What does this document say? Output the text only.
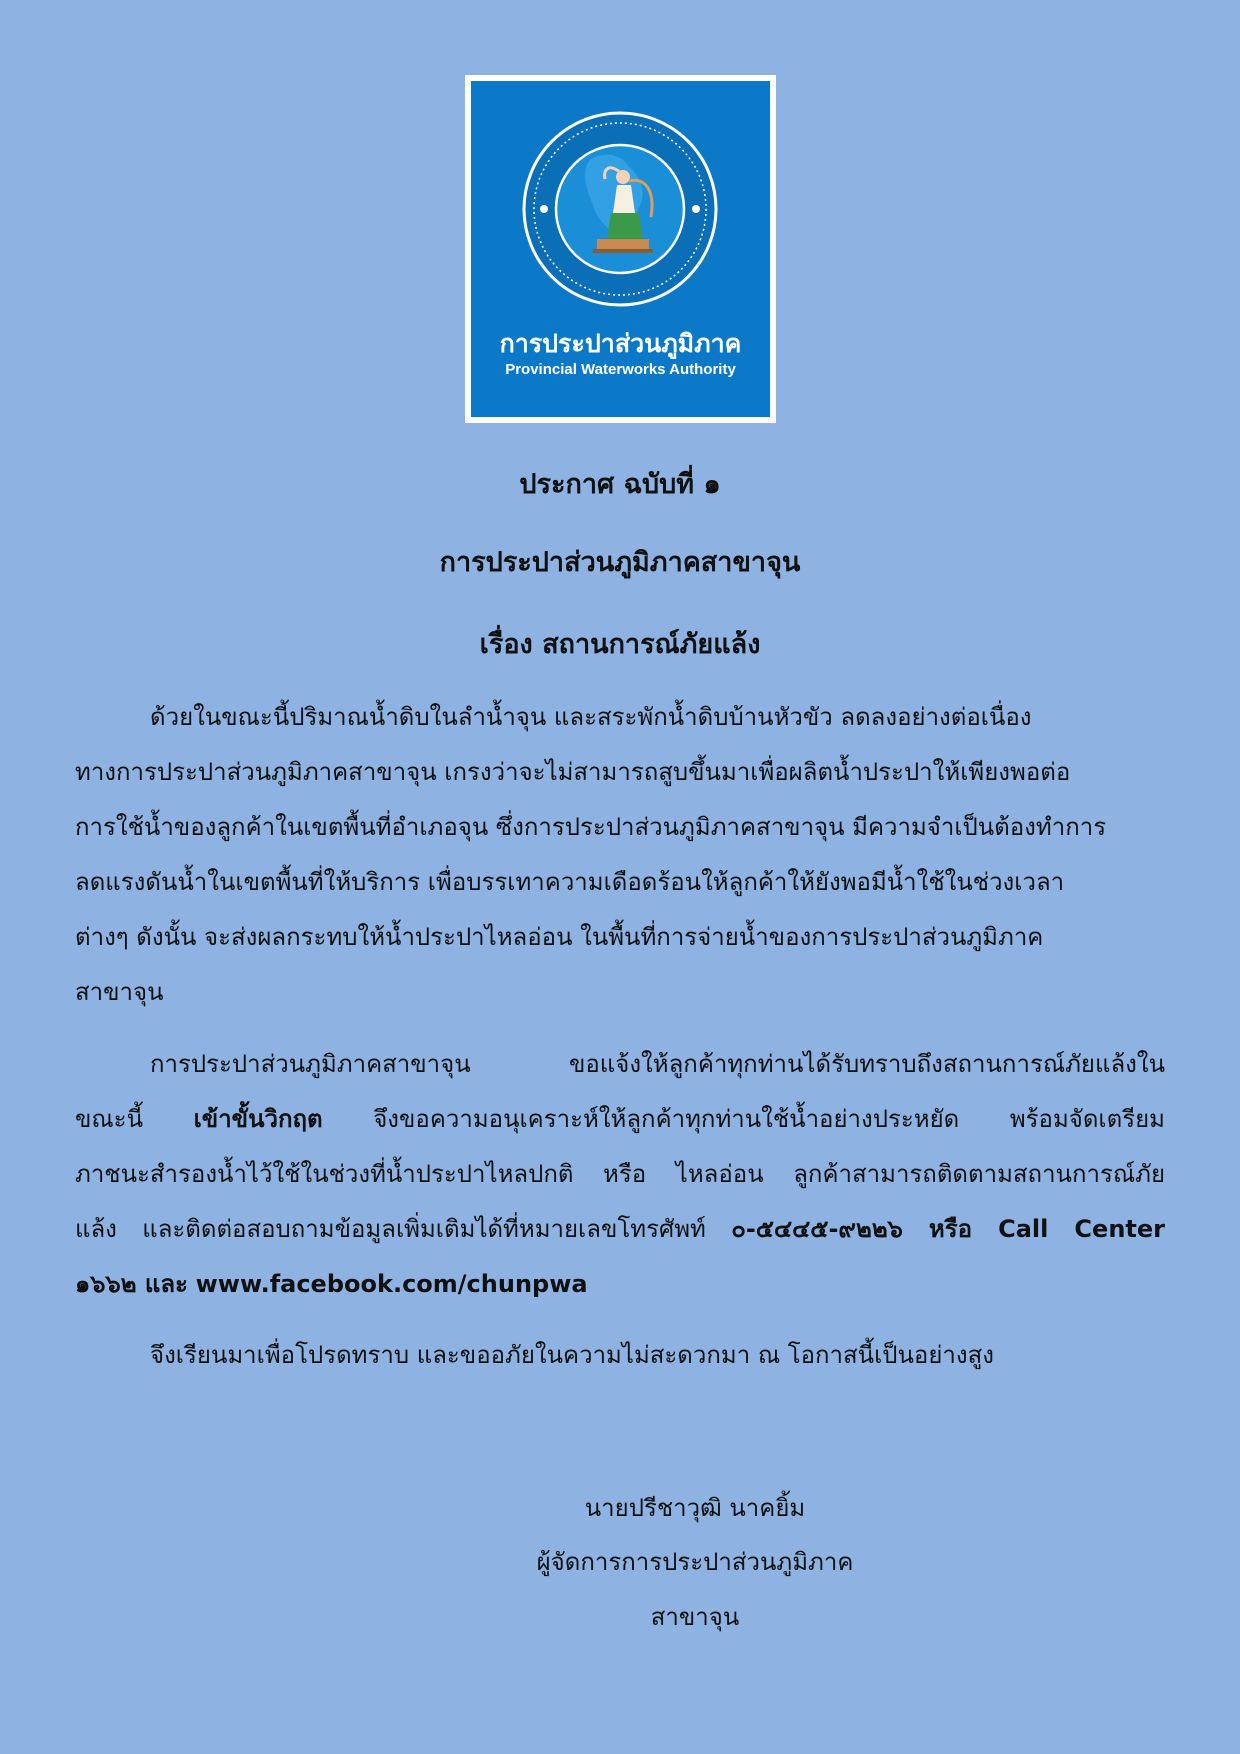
การประปาส่วนภูมิภาค
Provincial Waterworks Authority
ประกาศ ฉบับที่ ๑
การประปาส่วนภูมิภาคสาขาจุน
เรื่อง สถานการณ์ภัยแล้ง
ด้วยในขณะนี้ปริมาณน้ำดิบในลำน้ำจุน และสระพักน้ำดิบบ้านหัวขัว ลดลงอย่างต่อเนื่อง
ทางการประปาส่วนภูมิภาคสาขาจุน เกรงว่าจะไม่สามารถสูบขึ้นมาเพื่อผลิตน้ำประปาให้เพียงพอต่อ
การใช้น้ำของลูกค้าในเขตพื้นที่อำเภอจุน ซึ่งการประปาส่วนภูมิภาคสาขาจุน มีความจำเป็นต้องทำการ
ลดแรงดันน้ำในเขตพื้นที่ให้บริการ เพื่อบรรเทาความเดือดร้อนให้ลูกค้าให้ยังพอมีน้ำใช้ในช่วงเวลา
ต่างๆ ดังนั้น จะส่งผลกระทบให้น้ำประปาไหลอ่อน ในพื้นที่การจ่ายน้ำของการประปาส่วนภูมิภาค
สาขาจุน
การประปาส่วนภูมิภาคสาขาจุน	ขอแจ้งให้ลูกค้าทุกท่านได้รับทราบถึงสถานการณ์ภัยแล้งใน
ขณะนี้ เข้าขั้นวิกฤต จึงขอความอนุเคราะห์ให้ลูกค้าทุกท่านใช้น้ำอย่างประหยัด พร้อมจัดเตรียม
ภาชนะสำรองน้ำไว้ใช้ในช่วงที่น้ำประปาไหลปกติ หรือ ไหลอ่อน ลูกค้าสามารถติดตามสถานการณ์ภัย
แล้ง และติดต่อสอบถามข้อมูลเพิ่มเติมได้ที่หมายเลขโทรศัพท์ ๐-๕๔๔๕-๙๒๒๖ หรือ Call Center
๑๖๖๒ และ www.facebook.com/chunpwa
จึงเรียนมาเพื่อโปรดทราบ และขออภัยในความไม่สะดวกมา ณ โอกาสนี้เป็นอย่างสูง
นายปรีชาวุฒิ นาคยิ้ม
ผู้จัดการการประปาส่วนภูมิภาค
สาขาจุน
